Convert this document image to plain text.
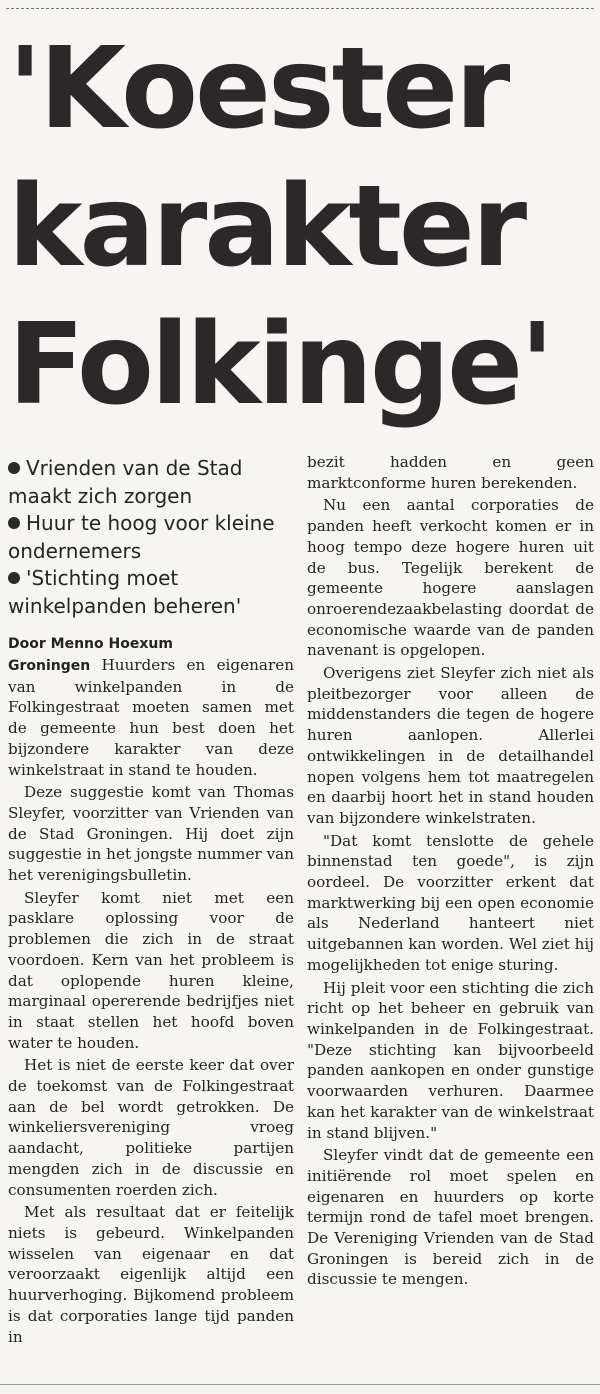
'Koester
karakter
Folkinge'
Vrienden van de Stad maakt zich zorgen
Huur te hoog voor kleine ondernemers
'Stichting moet winkelpanden beheren'

Door Menno Hoexum

Groningen Huurders en eigenaren van winkelpanden in de Folkingestraat moeten samen met de gemeente hun best doen het bijzondere karakter van deze winkelstraat in stand te houden.

Deze suggestie komt van Thomas Sleyfer, voorzitter van Vrienden van de Stad Groningen. Hij doet zijn suggestie in het jongste nummer van het verenigingsbulletin.

Sleyfer komt niet met een pasklare oplossing voor de problemen die zich in de straat voordoen. Kern van het probleem is dat oplopende huren kleine, marginaal opererende bedrijfjes niet in staat stellen het hoofd boven water te houden.

Het is niet de eerste keer dat over de toekomst van de Folkingestraat aan de bel wordt getrokken. De winkeliersvereniging vroeg aandacht, politieke partijen mengden zich in de discussie en consumenten roerden zich.

Met als resultaat dat er feitelijk niets is gebeurd. Winkelpanden wisselen van eigenaar en dat veroorzaakt eigenlijk altijd een huurverhoging. Bijkomend probleem is dat corporaties lange tijd panden in

bezit hadden en geen marktconforme huren berekenden.

Nu een aantal corporaties de panden heeft verkocht komen er in hoog tempo deze hogere huren uit de bus. Tegelijk berekent de gemeente hogere aanslagen onroerendezaakbelasting doordat de economische waarde van de panden navenant is opgelopen.

Overigens ziet Sleyfer zich niet als pleitbezorger voor alleen de middenstanders die tegen de hogere huren aanlopen. Allerlei ontwikkelingen in de detailhandel nopen volgens hem tot maatregelen en daarbij hoort het in stand houden van bijzondere winkelstraten.

"Dat komt tenslotte de gehele binnenstad ten goede", is zijn oordeel. De voorzitter erkent dat marktwerking bij een open economie als Nederland hanteert niet uitgebannen kan worden. Wel ziet hij mogelijkheden tot enige sturing.

Hij pleit voor een stichting die zich richt op het beheer en gebruik van winkelpanden in de Folkingestraat. "Deze stichting kan bijvoorbeeld panden aankopen en onder gunstige voorwaarden verhuren. Daarmee kan het karakter van de winkelstraat in stand blijven."

Sleyfer vindt dat de gemeente een initiërende rol moet spelen en eigenaren en huurders op korte termijn rond de tafel moet brengen. De Vereniging Vrienden van de Stad Groningen is bereid zich in de discussie te mengen.
